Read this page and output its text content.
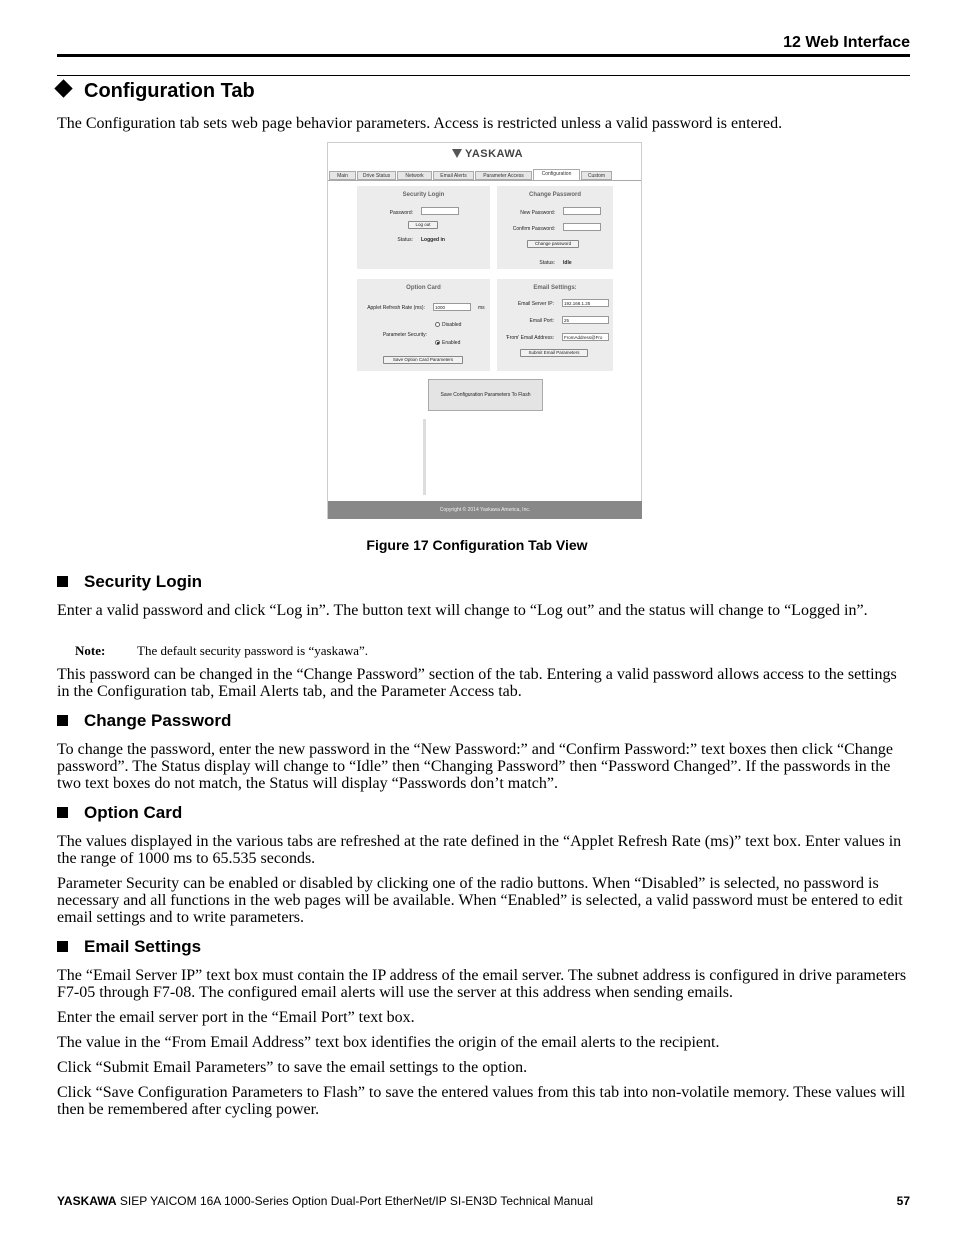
12 Web Interface
Configuration Tab
The Configuration tab sets web page behavior parameters. Access is restricted unless a valid password is entered.
YASKAWA
Main	Drive Status	Network	Email Alerts	Parameter Access	Configuration	Custom
Security Login
Password:
Log out
Status: Logged in
Change Password
New Password:
Confirm Password:
Change password
Status: Idle
Option Card
Applet Refresh Rate (ms):	1000	ms
Parameter Security:
Disabled
Enabled
Save Option Card Parameters
Email Settings:
Email Server IP:	192.168.1.25
Email Port:	25
'From' Email Address:	FromAddress@Fro
Submit Email Parameters
Save Configuration Parameters To Flash
Copyright © 2014 Yaskawa America, Inc.
Figure 17 Configuration Tab View
Security Login
Enter a valid password and click “Log in”. The button text will change to “Log out” and the status will change to “Logged in”.
Note: The default security password is “yaskawa”.
This password can be changed in the “Change Password” section of the tab. Entering a valid password allows access to the settings in the Configuration tab, Email Alerts tab, and the Parameter Access tab.
Change Password
To change the password, enter the new password in the “New Password:” and “Confirm Password:” text boxes then click “Change password”. The Status display will change to “Idle” then “Changing Password” then “Password Changed”. If the passwords in the two text boxes do not match, the Status will display “Passwords don’t match”.
Option Card
The values displayed in the various tabs are refreshed at the rate defined in the “Applet Refresh Rate (ms)” text box. Enter values in the range of 1000 ms to 65.535 seconds.
Parameter Security can be enabled or disabled by clicking one of the radio buttons. When “Disabled” is selected, no password is necessary and all functions in the web pages will be available. When “Enabled” is selected, a valid password must be entered to edit email settings and to write parameters.
Email Settings
The “Email Server IP” text box must contain the IP address of the email server. The subnet address is configured in drive parameters F7-05 through F7-08. The configured email alerts will use the server at this address when sending emails.
Enter the email server port in the “Email Port” text box.
The value in the “From Email Address” text box identifies the origin of the email alerts to the recipient.
Click “Submit Email Parameters” to save the email settings to the option.
Click “Save Configuration Parameters to Flash” to save the entered values from this tab into non-volatile memory. These values will then be remembered after cycling power.
YASKAWA SIEP YAICOM 16A 1000-Series Option Dual-Port EtherNet/IP SI-EN3D Technical Manual	57
